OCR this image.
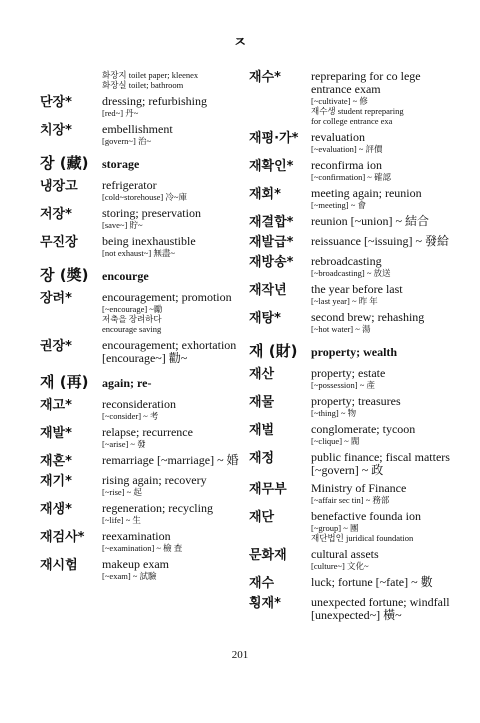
ㅈ
화장지 toilet paper; kleenex
화장실 toilet; bathroom
단장*	dressing; refurbishing
[red~] 丹~
치장*	embellishment
[govern~] 治~
장 (藏)	storage
냉장고	refrigerator
[cold~storehouse] 冷~庫
저장*	storing; preservation
[save~] 貯~
무진장	being inexhaustible
[not exhaust~] 無盡~
장 (奬)	encourge
장려*	encouragement; promotion
[~encourage] ~勵
저축을 장려하다
encourage saving
권장*	encouragement; exhortation [encourage~] 勸~
재 (再)	again; re-
재고*	reconsideration
[~consider] ~ 考
재발*	relapse; recurrence
[~arise] ~ 發
재혼*	remarriage [~marriage] ~ 婚
재기*	rising again; recovery
[~rise] ~ 起
재생*	regeneration; recycling
[~life] ~ 生
재검사*	reexamination
[~examination] ~ 檢 査
재시험	makeup exam
[~exam] ~ 試驗
재수*	repreparing for co lege entrance exam
[~cultivate] ~ 修
재수생 student repreparing
for college entrance exa
재평·가*	revaluation
[~evaluation] ~ 評價
재확인*	reconfirma ion
[~confirmation] ~ 確認
재회*	meeting again; reunion
[~meeting] ~ 會
재결합*	reunion [~union] ~ 結合
재발급*	reissuance [~issuing] ~ 發給
재방송*	rebroadcasting
[~broadcasting] ~ 放送
재작년	the year before last
[~last year] ~ 昨 年
재탕*	second brew; rehashing
[~hot water] ~ 湯
재 (財)	property; wealth
재산	property; estate
[~possession] ~ 產
재물	property; treasures
[~thing] ~ 物
재벌	conglomerate; tycoon
[~clique] ~ 閥
재정	public finance; fiscal matters [~govern] ~ 政
재무부	Ministry of Finance
[~affair sec tin] ~ 務部
재단	benefactive founda ion
[~group] ~ 團
재단법인 juridical foundation
문화재	cultural assets
[culture~] 文化~
재수	luck; fortune [~fate] ~ 數
횡재*	unexpected fortune; windfall [unexpected~] 橫~
201
